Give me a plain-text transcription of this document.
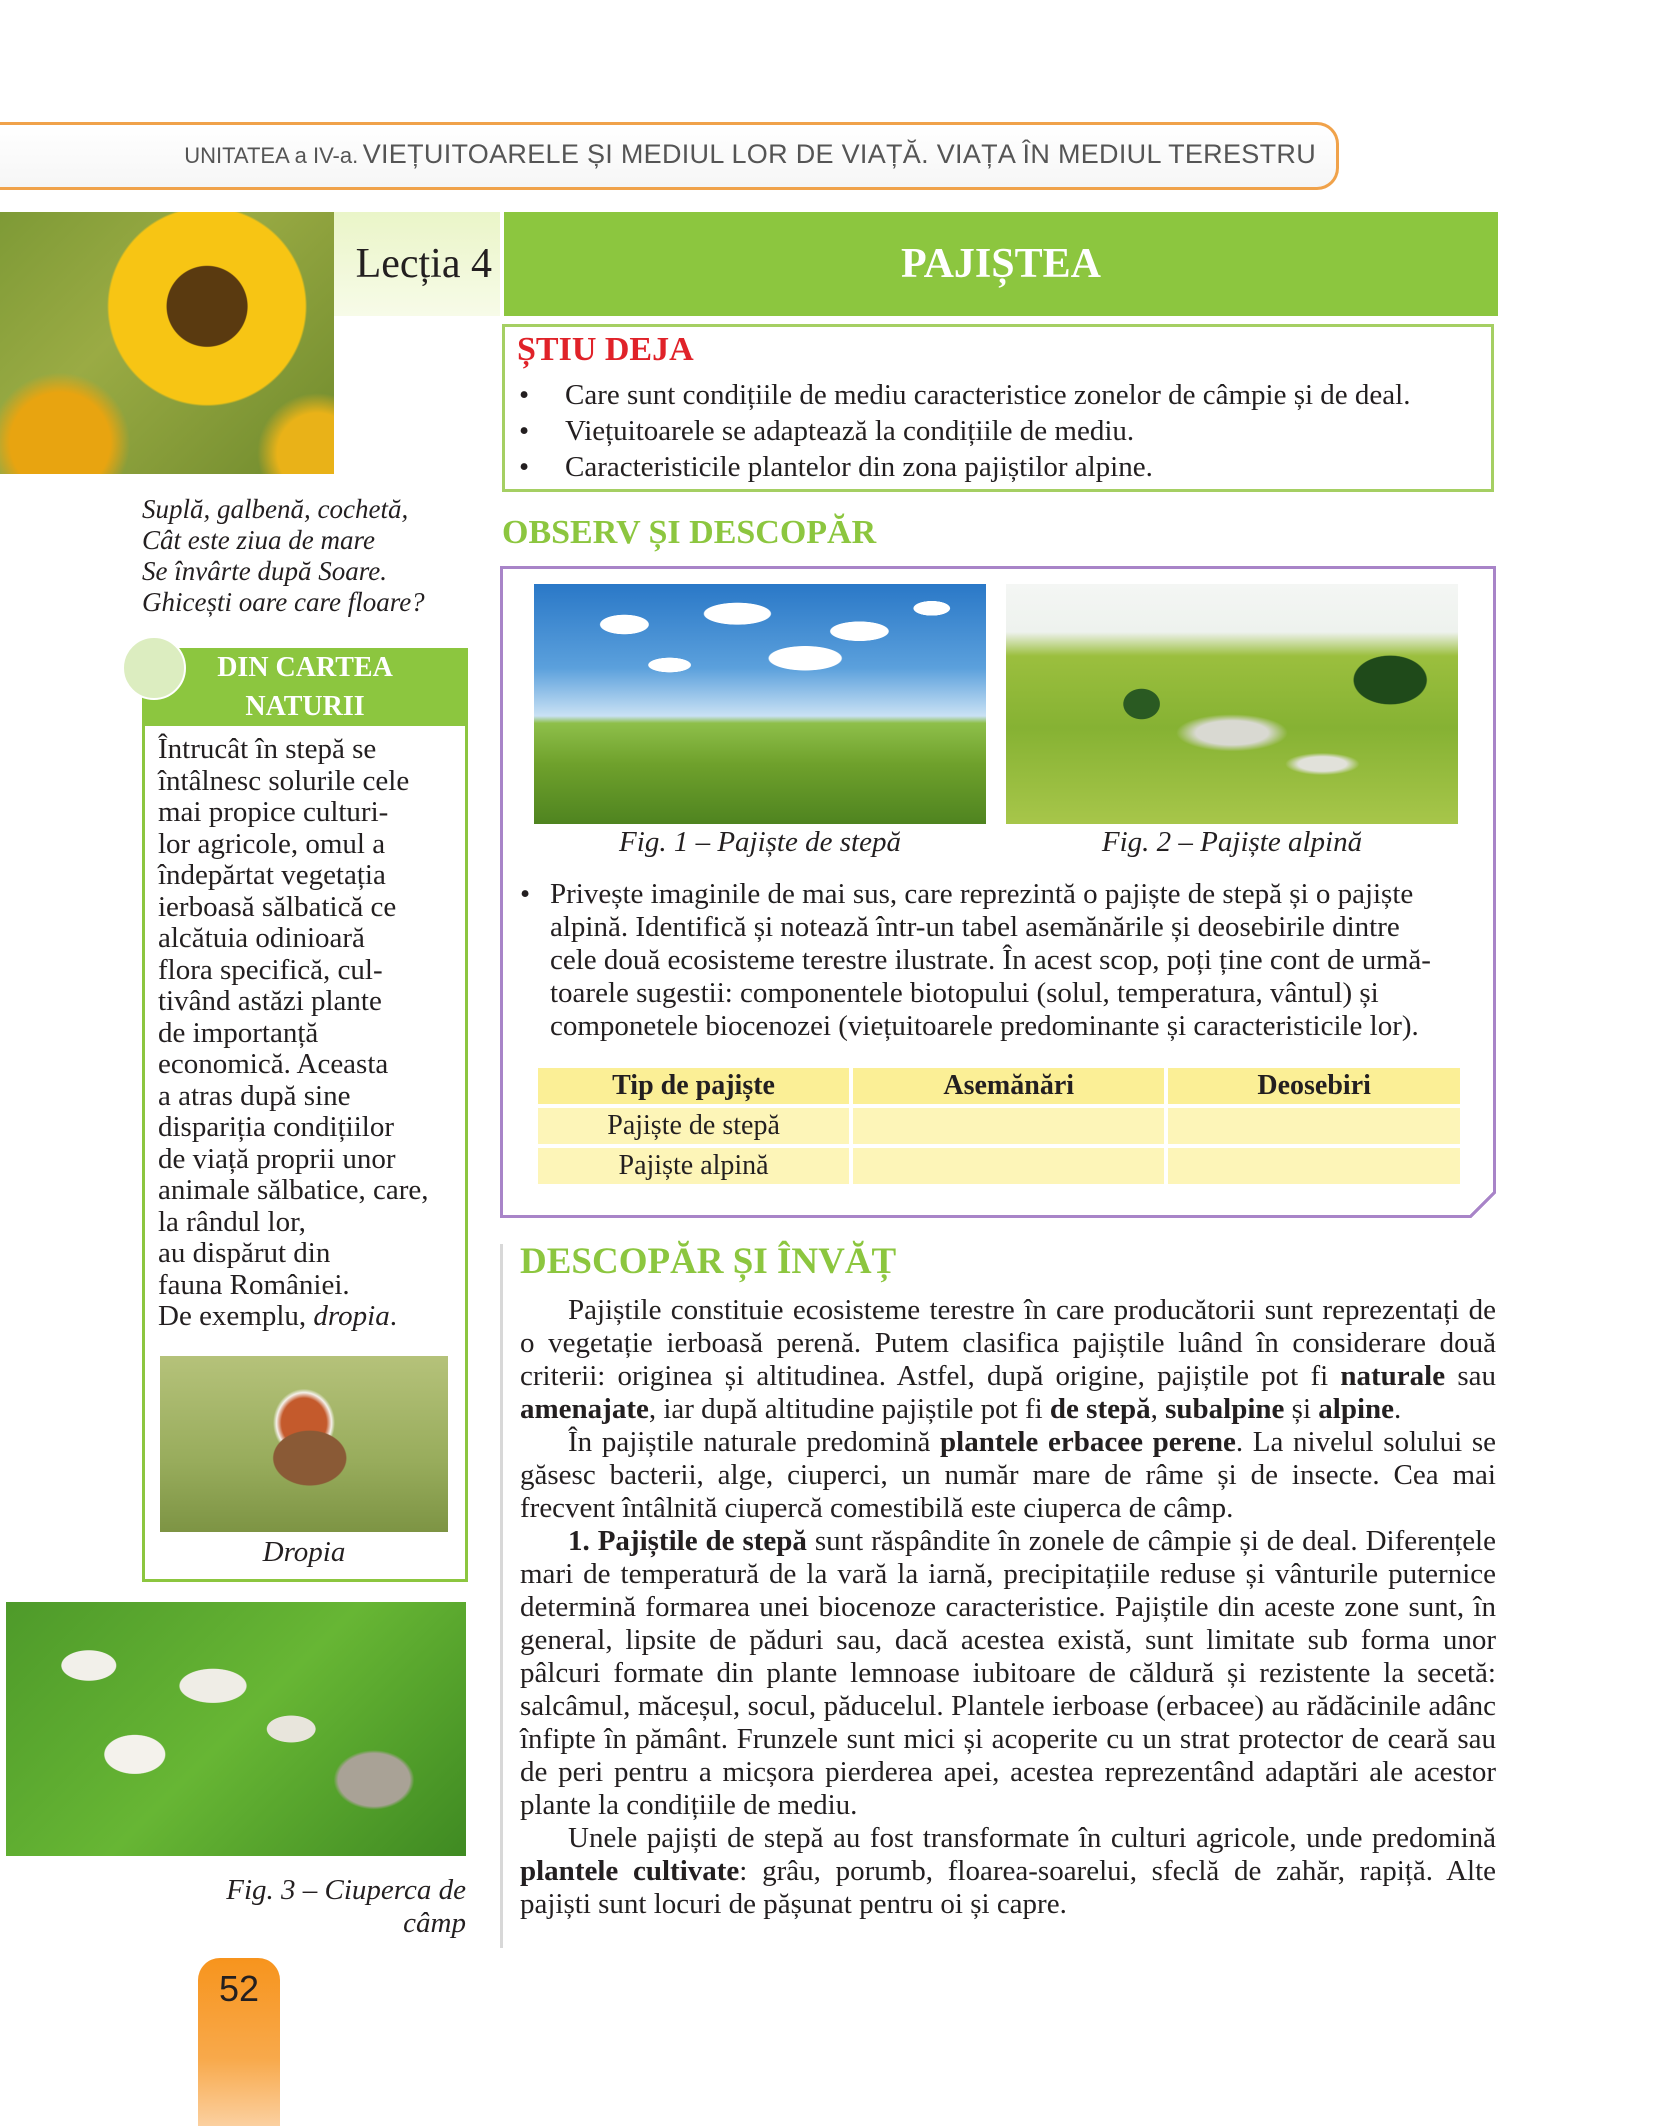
UNITATEA a IV-a. VIEȚUITOARELE ȘI MEDIUL LOR DE VIAȚĂ. VIAȚA ÎN MEDIUL TERESTRU
Lecția 4	PAJIȘTEA
ȘTIU DEJA
• Care sunt condițiile de mediu caracteristice zonelor de câmpie și de deal.
• Viețuitoarele se adaptează la condițiile de mediu.
• Caracteristicile plantelor din zona pajiștilor alpine.
Suplă, galbenă, cochetă,
Cât este ziua de mare
Se învârte după Soare.
Ghicești oare care floare?
OBSERV ȘI DESCOPĂR
Fig. 1 – Pajiște de stepă	Fig. 2 – Pajiște alpină
• Privește imaginile de mai sus, care reprezintă o pajiște de stepă și o pajiște
alpină. Identifică și notează într-un tabel asemănările și deosebirile dintre
cele două ecosisteme terestre ilustrate. În acest scop, poți ține cont de urmă-
toarele sugestii: componentele biotopului (solul, temperatura, vântul) și
componetele biocenozei (viețuitoarele predominante și caracteristicile lor).
Tip de pajiște	Asemănări	Deosebiri
Pajiște de stepă		
Pajiște alpină		
DIN CARTEA
NATURII
Întrucât în stepă se
întâlnesc solurile cele
mai propice culturi-
lor agricole, omul a
îndepărtat vegetația
ierboasă sălbatică ce
alcătuia odinioară
flora specifică, cul-
tivând astăzi plante
de importanță
economică. Aceasta
a atras după sine
dispariția condițiilor
de viață proprii unor
animale sălbatice, care,
la rândul lor,
au dispărut din
fauna României.
De exemplu, dropia.
Dropia
Fig. 3 – Ciuperca de
câmp
DESCOPĂR ȘI ÎNVĂȚ
Pajiștile constituie ecosisteme terestre în care producătorii sunt reprezentați de o vegetație ierboasă perenă. Putem clasifica pajiștile luând în considerare două criterii: originea și altitudinea. Astfel, după origine, pajiștile pot fi naturale sau amenajate, iar după altitudine pajiștile pot fi de stepă, subalpine și alpine.
În pajiștile naturale predomină plantele erbacee perene. La nivelul solului se găsesc bacterii, alge, ciuperci, un număr mare de râme și de insecte. Cea mai frecvent întâlnită ciupercă comestibilă este ciuperca de câmp.
1. Pajiștile de stepă sunt răspândite în zonele de câmpie și de deal. Diferențele mari de temperatură de la vară la iarnă, precipitațiile reduse și vânturile puternice determină formarea unei biocenoze caracteristice. Pajiștile din aceste zone sunt, în general, lipsite de păduri sau, dacă acestea există, sunt limitate sub forma unor pâlcuri formate din plante lemnoase iubitoare de căldură și rezistente la secetă: salcâmul, măceșul, socul, păducelul. Plantele ierboase (erbacee) au rădăcinile adânc înfipte în pământ. Frunzele sunt mici și acoperite cu un strat protector de ceară sau de peri pentru a micșora pierderea apei, acestea reprezentând adaptări ale acestor plante la condițiile de mediu.
Unele pajiști de stepă au fost transformate în culturi agricole, unde predomină plantele cultivate: grâu, porumb, floarea-soarelui, sfeclă de zahăr, rapiță. Alte pajiști sunt locuri de pășunat pentru oi și capre.
52
